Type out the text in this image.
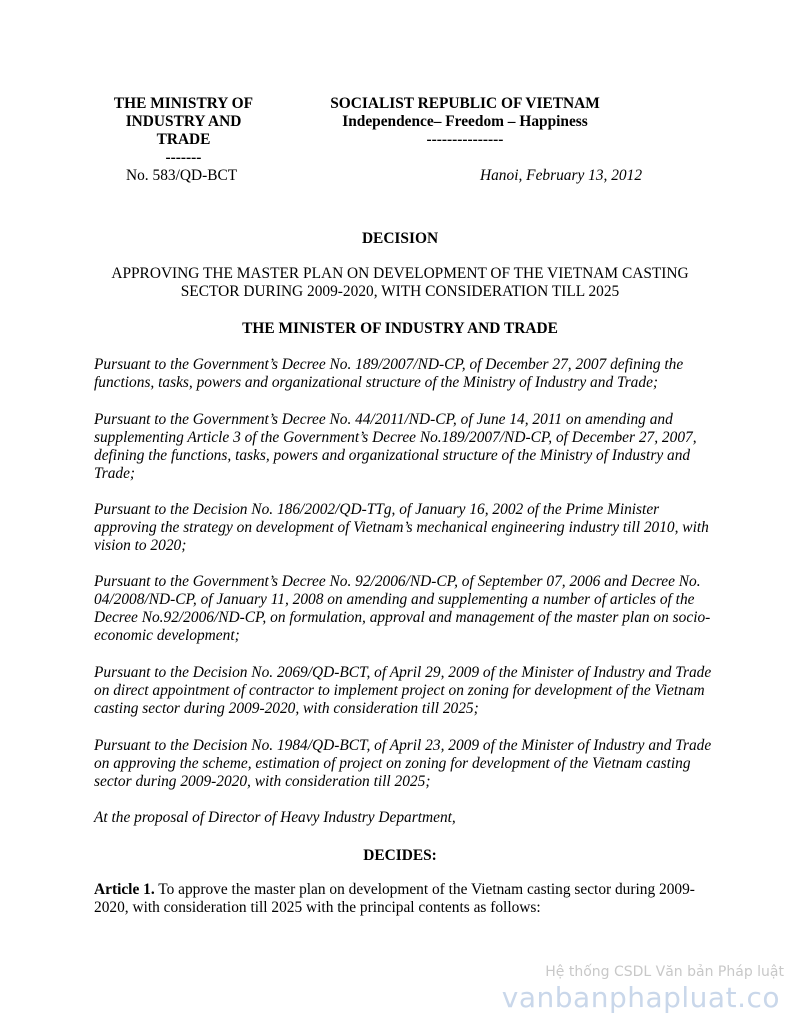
THE MINISTRY OF
INDUSTRY AND
TRADE
-------
SOCIALIST REPUBLIC OF VIETNAM
Independence– Freedom – Happiness
---------------
No. 583/QD-BCT	Hanoi, February 13, 2012
DECISION
APPROVING THE MASTER PLAN ON DEVELOPMENT OF THE VIETNAM CASTING
SECTOR DURING 2009-2020, WITH CONSIDERATION TILL 2025
THE MINISTER OF INDUSTRY AND TRADE
Pursuant to the Government’s Decree No. 189/2007/ND-CP, of December 27, 2007 defining the functions, tasks, powers and organizational structure of the Ministry of Industry and Trade;
Pursuant to the Government’s Decree No. 44/2011/ND-CP, of June 14, 2011 on amending and supplementing Article 3 of the Government’s Decree No.189/2007/ND-CP, of December 27, 2007, defining the functions, tasks, powers and organizational structure of the Ministry of Industry and Trade;
Pursuant to the Decision No. 186/2002/QD-TTg, of January 16, 2002 of the Prime Minister approving the strategy on development of Vietnam’s mechanical engineering industry till 2010, with vision to 2020;
Pursuant to the Government’s Decree No. 92/2006/ND-CP, of September 07, 2006 and Decree No. 04/2008/ND-CP, of January 11, 2008 on amending and supplementing a number of articles of the Decree No.92/2006/ND-CP, on formulation, approval and management of the master plan on socio-economic development;
Pursuant to the Decision No. 2069/QD-BCT, of April 29, 2009 of the Minister of Industry and Trade on direct appointment of contractor to implement project on zoning for development of the Vietnam casting sector during 2009-2020, with consideration till 2025;
Pursuant to the Decision No. 1984/QD-BCT, of April 23, 2009 of the Minister of Industry and Trade on approving the scheme, estimation of project on zoning for development of the Vietnam casting sector during 2009-2020, with consideration till 2025;
At the proposal of Director of Heavy Industry Department,
DECIDES:
Article 1. To approve the master plan on development of the Vietnam casting sector during 2009-2020, with consideration till 2025 with the principal contents as follows:
Hệ thống CSDL Văn bản Pháp luật
vanbanphapluat.co
